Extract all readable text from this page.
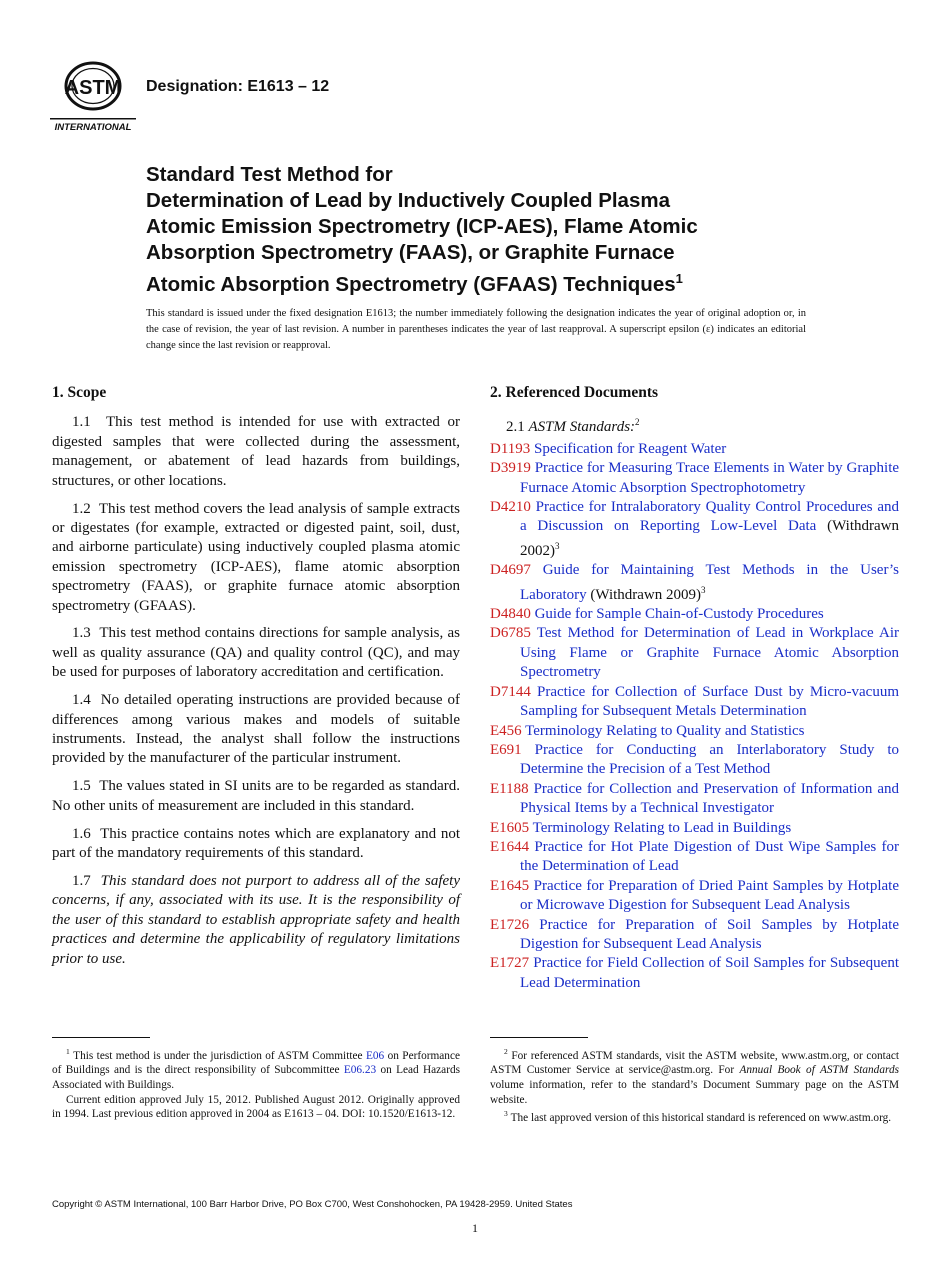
ASTM
INTERNATIONAL
Designation: E1613 – 12
Standard Test Method for
Determination of Lead by Inductively Coupled Plasma
Atomic Emission Spectrometry (ICP-AES), Flame Atomic
Absorption Spectrometry (FAAS), or Graphite Furnace
Atomic Absorption Spectrometry (GFAAS) Techniques$^1$
This standard is issued under the fixed designation E1613; the number immediately following the designation indicates the year of original adoption or, in the case of revision, the year of last revision. A number in parentheses indicates the year of last reapproval. A superscript epsilon (ε) indicates an editorial change since the last revision or reapproval.
1. Scope

1.1 This test method is intended for use with extracted or digested samples that were collected during the assessment, management, or abatement of lead hazards from buildings, structures, or other locations.

1.2 This test method covers the lead analysis of sample extracts or digestates (for example, extracted or digested paint, soil, dust, and airborne particulate) using inductively coupled plasma atomic emission spectrometry (ICP-AES), flame atomic absorption spectrometry (FAAS), or graphite furnace atomic absorption spectrometry (GFAAS).

1.3 This test method contains directions for sample analysis, as well as quality assurance (QA) and quality control (QC), and may be used for purposes of laboratory accreditation and certification.

1.4 No detailed operating instructions are provided because of differences among various makes and models of suitable instruments. Instead, the analyst shall follow the instructions provided by the manufacturer of the particular instrument.

1.5 The values stated in SI units are to be regarded as standard. No other units of measurement are included in this standard.

1.6 This practice contains notes which are explanatory and not part of the mandatory requirements of this standard.

1.7 This standard does not purport to address all of the safety concerns, if any, associated with its use. It is the responsibility of the user of this standard to establish appropriate safety and health practices and determine the applicability of regulatory limitations prior to use.

2. Referenced Documents
2.1 ASTM Standards:$^2$

D1193 Specification for Reagent Water

D3919 Practice for Measuring Trace Elements in Water by Graphite Furnace Atomic Absorption Spectrophotometry

D4210 Practice for Intralaboratory Quality Control Procedures and a Discussion on Reporting Low-Level Data (Withdrawn 2002)$^3$

D4697 Guide for Maintaining Test Methods in the User’s Laboratory (Withdrawn 2009)$^3$

D4840 Guide for Sample Chain-of-Custody Procedures

D6785 Test Method for Determination of Lead in Workplace Air Using Flame or Graphite Furnace Atomic Absorption Spectrometry

D7144 Practice for Collection of Surface Dust by Micro-vacuum Sampling for Subsequent Metals Determination

E456 Terminology Relating to Quality and Statistics

E691 Practice for Conducting an Interlaboratory Study to Determine the Precision of a Test Method

E1188 Practice for Collection and Preservation of Information and Physical Items by a Technical Investigator

E1605 Terminology Relating to Lead in Buildings

E1644 Practice for Hot Plate Digestion of Dust Wipe Samples for the Determination of Lead

E1645 Practice for Preparation of Dried Paint Samples by Hotplate or Microwave Digestion for Subsequent Lead Analysis

E1726 Practice for Preparation of Soil Samples by Hotplate Digestion for Subsequent Lead Analysis

E1727 Practice for Field Collection of Soil Samples for Subsequent Lead Determination

$^1$ This test method is under the jurisdiction of ASTM Committee E06 on Performance of Buildings and is the direct responsibility of Subcommittee E06.23 on Lead Hazards Associated with Buildings.

Current edition approved July 15, 2012. Published August 2012. Originally approved in 1994. Last previous edition approved in 2004 as E1613 – 04. DOI: 10.1520/E1613-12.

$^2$ For referenced ASTM standards, visit the ASTM website, www.astm.org, or contact ASTM Customer Service at service@astm.org. For Annual Book of ASTM Standards volume information, refer to the standard’s Document Summary page on the ASTM website.

$^3$ The last approved version of this historical standard is referenced on www.astm.org.

Copyright © ASTM International, 100 Barr Harbor Drive, PO Box C700, West Conshohocken, PA 19428-2959. United States
1
